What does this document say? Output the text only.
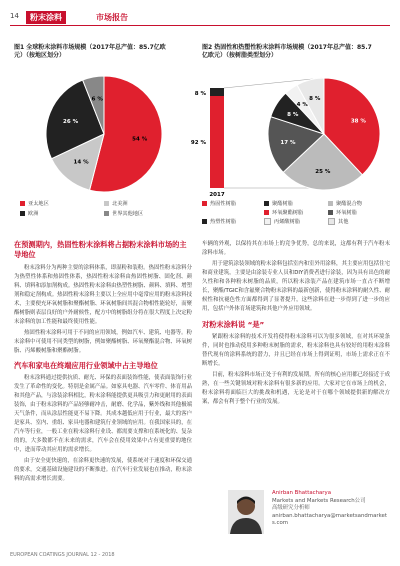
14	粉末涂料	市场报告
图1 全球粉末涂料市场规模（2017年总产值：85.7亿欧
元）（按地区划分）
54 %
14 %
26 %
6 %
亚太地区	北美洲
欧洲	世界其他地区
图2 热固性和热塑性粉末涂料市场规模（2017年总产值：85.7
亿欧元）（按树脂类型划分）
8 %
92 %
2017
38 %
25 %
17 %
8 %
4 %
8 %
热固性树脂	聚酯树脂	聚酯混合物
环氧聚酯树脂	环氧树脂
热塑性树脂	丙烯酸树脂	其他
在预测期内，热固性粉末涂料将占据粉末涂料市场的主导地位
粉末涂料分为两种主要的涂料体系，即湿粉和装粉。热固性粉末涂料分为热塑性体系和热固性体系，热固性粉末涂料由热固性树脂、固化剂、颜料、填料和添加剂构成。热固性粉末涂料由热塑性树脂、颜料、填料、增塑剂和稳定剂构成。热固性粉末涂料主要以上全应用中毫常应用的粉末涂料技术，主要便充环氧树脂和聚酯树脂、环氧树脂间其混合物相性能轮好，而聚酯树脂则表层良好的户外耐候性，配方中的树脂组分将在很大程度上决定粉末涂料的加工性能和最终使用性能。
热固性粉末涂料可用于不同的应用领域，例如汽车、建筑、电器等。粉末涂料中可使用不同类型的树脂，例如聚酯树脂、环氧聚酯混合物、环氧树脂、丙烯酸树脂和聚酯树脂。
汽车和家电在终端应用行业领域中占主导地位
粉末涂料通过提供抗质、耐光、环保的表面装饰性能，使表面装饰行业发生了革命性的变化。特别是金属产品。如家具电器、汽车零件、体育用品和其他产品，与涂装涂料相比，粉末涂料能提供更具吸引力和更耐用的表面装饰，由于粉末涂料的产品轻够耐冲击，耐磨、化学品，紫外线和其他极端天气条件，而从涂层性能更不易下降。其成本越低应用于行业，最大的客户是家具、室内、重组、家具电器和建筑行业领域的应用。在我国家具的，在汽车等行业，一般工业在粉末涂料行业设、都需要支撑和在系统化的、复杂的的，大多数都不在未来的需求，汽车会在使用效果中占有更重要的地位中，进而带动其应用的需求增长。
由于安全更快速的，在涂料更快速的发展，使系统对于速度和环保交通的要求，交通基础设施建设的不断推进。在汽车行业发展也在推动，粉末涂料的高需求增长需要。
车辆的外观，以保持其在市场上的竞争优势，总的来说，这都有利于汽车粉末涂料市场。
用于建筑涂装领域的粉末涂料包括室内和室外用涂料，其主要应用包括住宅和商业建筑，主要是由涂装专业人员和DIY消费者进行涂装，因为具有出色的耐久性和和各种粉末树脂的品质，所以粉末涂装产品在建筑市场一直占不断增长，聚酯/TGIC和含氟聚合物粉末涂料的最新创新，使得粉末涂料的耐久性、耐候性和抗褪色性方面都得到了显著提升，这些涂料在进一步得到了进一步的应用，包括户外体育场建筑和其他户外应用领域。
对粉末涂料说 “是”
紧跟粉末涂料的技术开发将使得粉末涂料可以为很多领域，在对其环境条件，同时也推动使用多种粉末树脂的需求，粉末涂料也具有较好的用粉末涂料替代现有的涂料系统的潜力，并且已经在市场上得到证明，市场上需求正在不断增长。
目前，粉末涂料市场正处于有利的发展期，所有的核心应用都已经接近于成熟，在一些关键领域对粉末涂料有很多新的应用。大家对它在市场上的机会，粉末涂料将面临巨大的挑战和机遇，无论是对于在哪个领域提供新的解决方案，都会有利于整个行业的发展。
Anirban Bhattacharya
Markets and Markets Research公司
高级研究分析师
anirban.bhattacharya@marketsandmarkets.com
EUROPEAN COATINGS JOURNAL 12 - 2018
